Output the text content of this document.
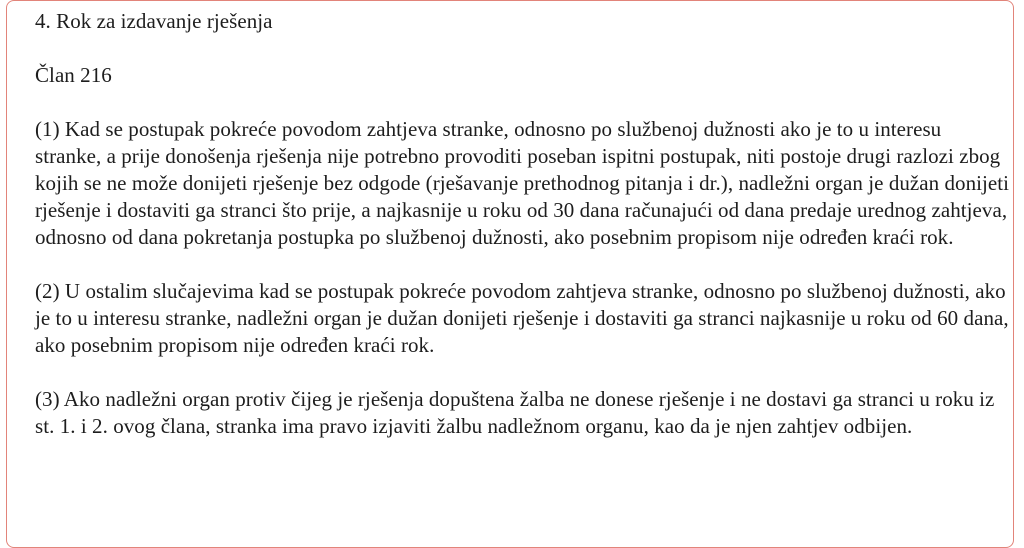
4. Rok za izdavanje rješenja

Član 216

(1) Kad se postupak pokreće povodom zahtjeva stranke, odnosno po službenoj dužnosti ako je to u interesu stranke, a prije donošenja rješenja nije potrebno provoditi poseban ispitni postupak, niti postoje drugi razlozi zbog kojih se ne može donijeti rješenje bez odgode (rješavanje prethodnog pitanja i dr.), nadležni organ je dužan donijeti rješenje i dostaviti ga stranci što prije, a najkasnije u roku od 30 dana računajući od dana predaje urednog zahtjeva, odnosno od dana pokretanja postupka po službenoj dužnosti, ako posebnim propisom nije određen kraći rok.

(2) U ostalim slučajevima kad se postupak pokreće povodom zahtjeva stranke, odnosno po službenoj dužnosti, ako je to u interesu stranke, nadležni organ je dužan donijeti rješenje i dostaviti ga stranci najkasnije u roku od 60 dana, ako posebnim propisom nije određen kraći rok.

(3) Ako nadležni organ protiv čijeg je rješenja dopuštena žalba ne donese rješenje i ne dostavi ga stranci u roku iz st. 1. i 2. ovog člana, stranka ima pravo izjaviti žalbu nadležnom organu, kao da je njen zahtjev odbijen.
